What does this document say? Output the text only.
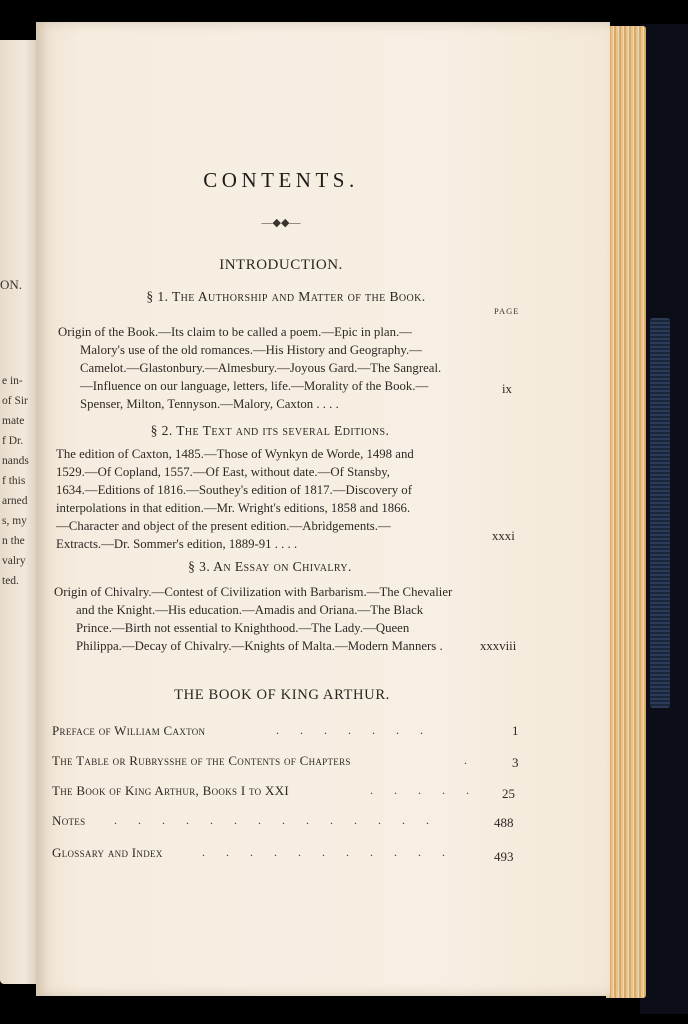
ON.
e in-
of Sir
mate
f Dr.
nands
f this
arned
s, my
n the
valry
ted.
CONTENTS.
—◆◆—
INTRODUCTION.
§ 1. The Authorship and Matter of the Book.
PAGE
Origin of the Book.—Its claim to be called a poem.—Epic in plan.—
Malory's use of the old romances.—His History and Geography.—
Camelot.—Glastonbury.—Almesbury.—Joyous Gard.—The Sangreal.
—Influence on our language, letters, life.—Morality of the Book.—
Spenser, Milton, Tennyson.—Malory, Caxton . . . .
ix
§ 2. The Text and its several Editions.
The edition of Caxton, 1485.—Those of Wynkyn de Worde, 1498 and
1529.—Of Copland, 1557.—Of East, without date.—Of Stansby,
1634.—Editions of 1816.—Southey's edition of 1817.—Discovery of
interpolations in that edition.—Mr. Wright's editions, 1858 and 1866.
—Character and object of the present edition.—Abridgements.—
Extracts.—Dr. Sommer's edition, 1889-91 . . . .
xxxi
§ 3. An Essay on Chivalry.
Origin of Chivalry.—Contest of Civilization with Barbarism.—The Chevalier
and the Knight.—His education.—Amadis and Oriana.—The Black
Prince.—Birth not essential to Knighthood.—The Lady.—Queen
Philippa.—Decay of Chivalry.—Knights of Malta.—Modern Manners .	xxxviii
THE BOOK OF KING ARTHUR.
Preface of William Caxton	. . . . . . .	1
The Table or Rubrysshe of the Contents of Chapters	.	3
The Book of King Arthur, Books I to XXI	. . . . . 25
Notes . . . . . . . . . . . . . .	488
Glossary and Index	. . . . . . . . . . .	493
